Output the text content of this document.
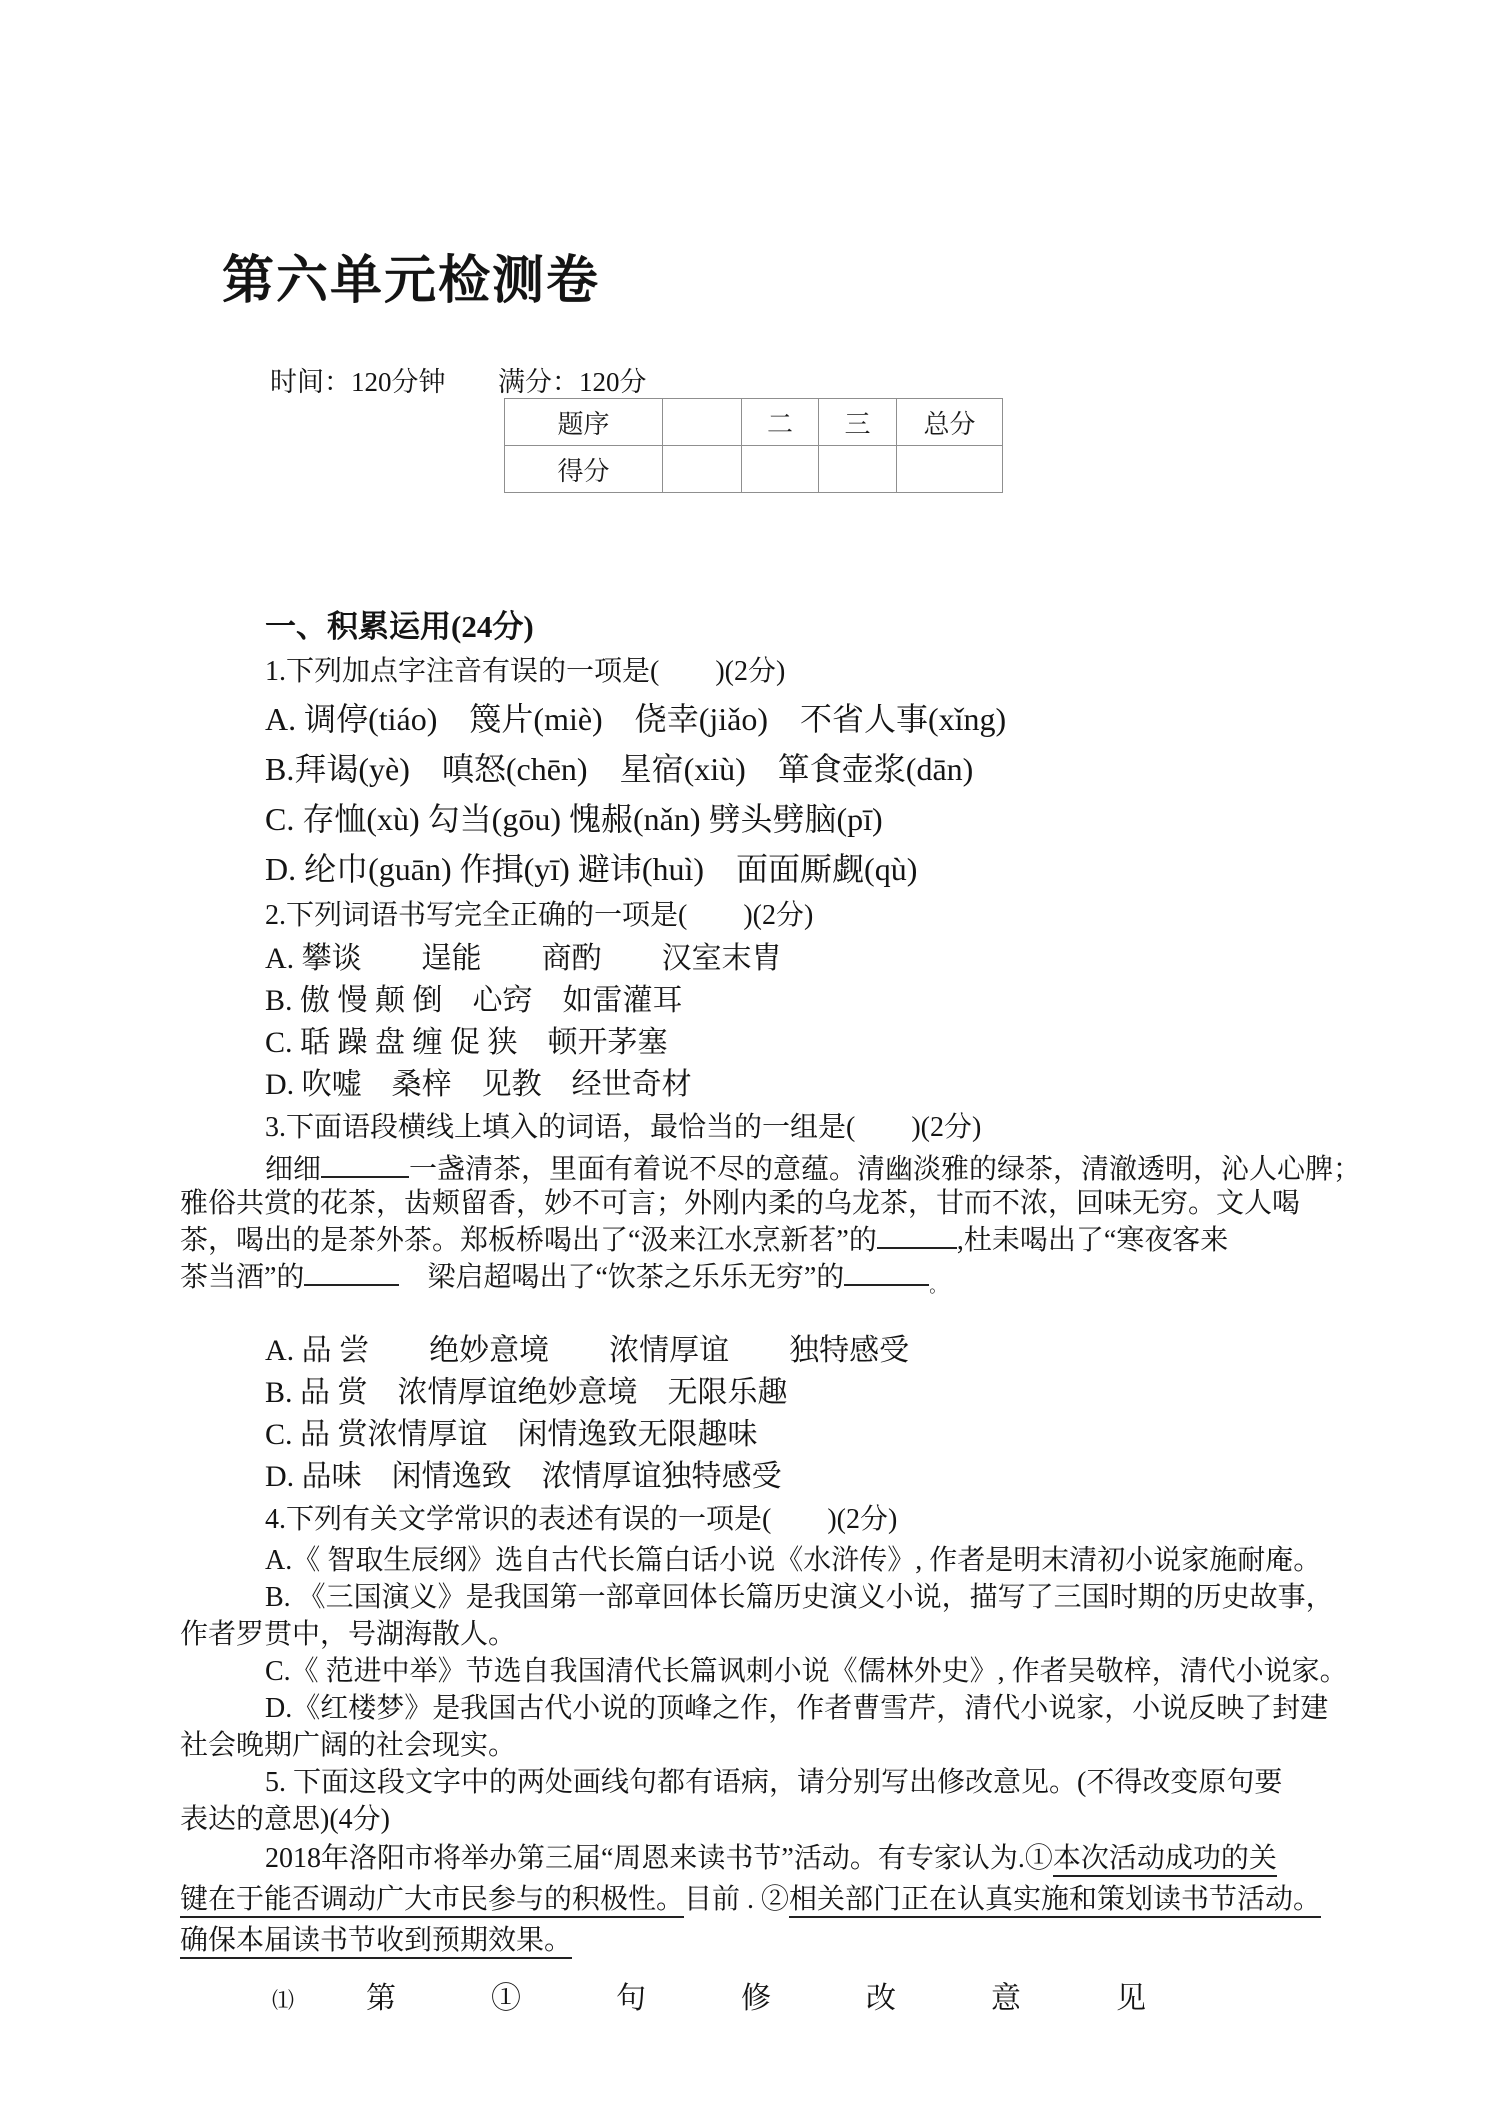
第六单元检测卷
时间：120分钟 满分：120分
题序		二	三	总分
得分				
一、积累运用(24分)
1.下列加点字注音有误的一项是(　　)(2分)
A. 调停(tiáo)　篾片(miè)　侥幸(jiǎo)　不省人事(xǐng)
B.拜谒(yè)　嗔怒(chēn)　星宿(xiù)　箪食壶浆(dān)
C. 存恤(xù) 勾当(gōu) 愧赧(nǎn) 劈头劈脑(pī)
D. 纶巾(guān) 作揖(yī) 避讳(huì)　面面厮觑(qù)
2.下列词语书写完全正确的一项是(　　)(2分)
A. 攀谈　　逞能　　商酌　　汉室末胄
B. 傲 慢 颠 倒　心窍　如雷灌耳
C. 聒 躁 盘 缠 促 狭　顿开茅塞
D. 吹嘘　桑梓　见教　经世奇材
3.下面语段横线上填入的词语，最恰当的一组是(　　)(2分)
细细	一盏清茶，里面有着说不尽的意蕴。清幽淡雅的绿茶，清澈透明，沁人心脾；
雅俗共赏的花茶，齿颊留香，妙不可言；外刚内柔的乌龙茶，甘而不浓，回味无穷。文人喝
茶，喝出的是茶外茶。郑板桥喝出了“汲来江水烹新茗”的	,杜耒喝出了“寒夜客来
茶当酒”的	　梁启超喝出了“饮茶之乐乐无穷”的	$_。$
A. 品 尝　　绝妙意境　　浓情厚谊　　独特感受
B. 品 赏　浓情厚谊绝妙意境　无限乐趣
C. 品 赏浓情厚谊　闲情逸致无限趣味
D. 品味　闲情逸致　浓情厚谊独特感受
4.下列有关文学常识的表述有误的一项是(　　)(2分)
A.《 智取生辰纲》选自古代长篇白话小说《水浒传》, 作者是明末清初小说家施耐庵。
B. 《三国演义》是我国第一部章回体长篇历史演义小说，描写了三国时期的历史故事，
作者罗贯中，号湖海散人。
C.《 范进中举》节选自我国清代长篇讽刺小说《儒林外史》, 作者吴敬梓，清代小说家。
D.《红楼梦》是我国古代小说的顶峰之作，作者曹雪芹，清代小说家，小说反映了封建
社会晚期广阔的社会现实。
5. 下面这段文字中的两处画线句都有语病，请分别写出修改意见。(不得改变原句要
表达的意思)(4分)
2018年洛阳市将举办第三届“周恩来读书节”活动。有专家认为.①本次活动成功的关
键在于能否调动广大市民参与的积极性。目前 . ②相关部门正在认真实施和策划读书节活动。
确保本届读书节收到预期效果。
⑴ 第①句修改意见
